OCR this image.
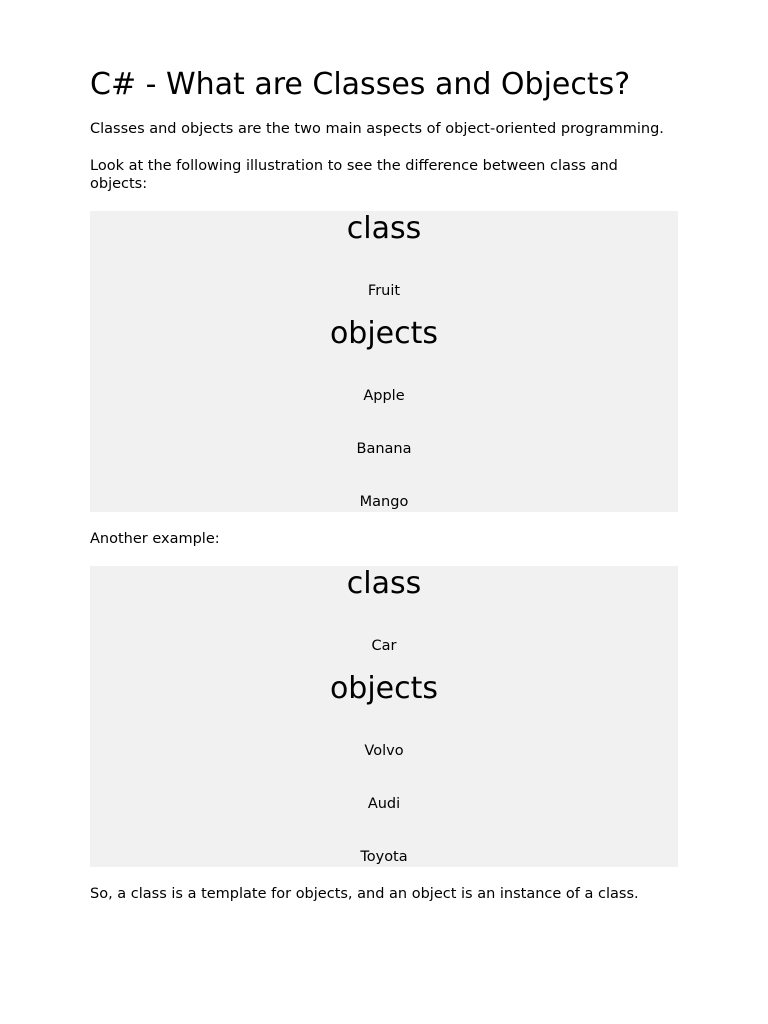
C# - What are Classes and Objects?

Classes and objects are the two main aspects of object-oriented programming.

Look at the following illustration to see the difference between class and objects:

class
Fruit
objects
Apple
Banana
Mango

Another example:

class
Car
objects
Volvo
Audi
Toyota

So, a class is a template for objects, and an object is an instance of a class.
